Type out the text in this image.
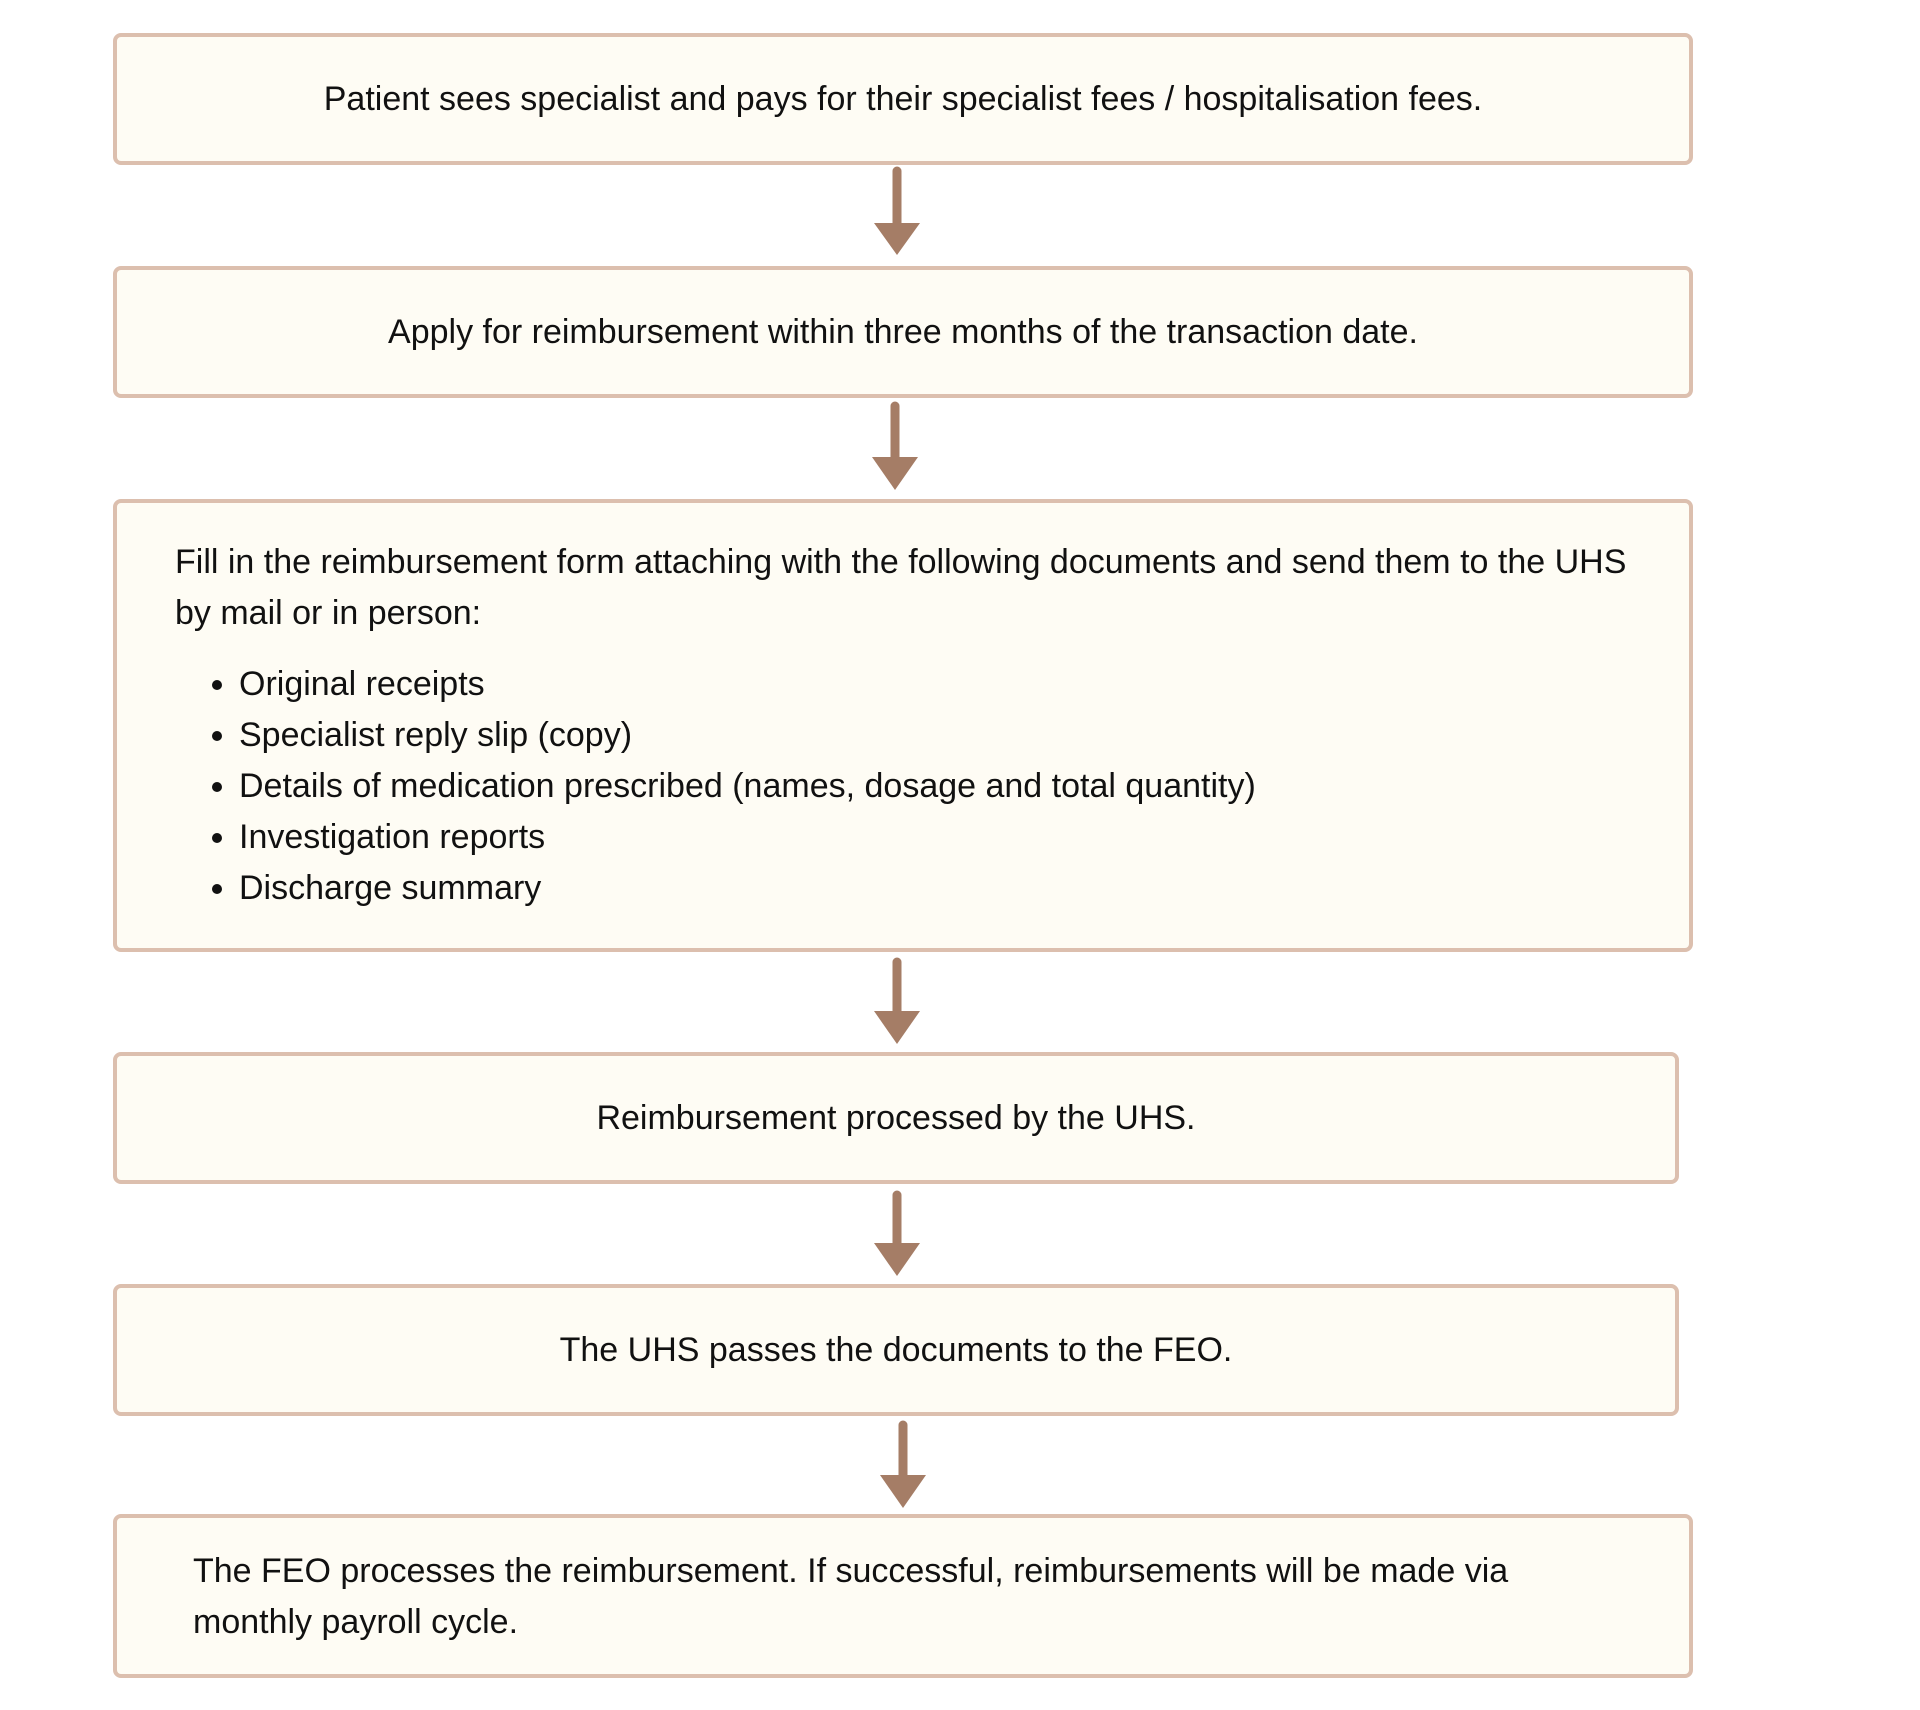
Patient sees specialist and pays for their specialist fees / hospitalisation fees.
Apply for reimbursement within three months of the transaction date.

Fill in the reimbursement form attaching with the following documents and send them to the UHS by mail or in person:

• Original receipts
• Specialist reply slip (copy)
• Details of medication prescribed (names, dosage and total quantity)
• Investigation reports
• Discharge summary
Reimbursement processed by the UHS.
The UHS passes the documents to the FEO.
The FEO processes the reimbursement. If successful, reimbursements will be made via monthly payroll cycle.
